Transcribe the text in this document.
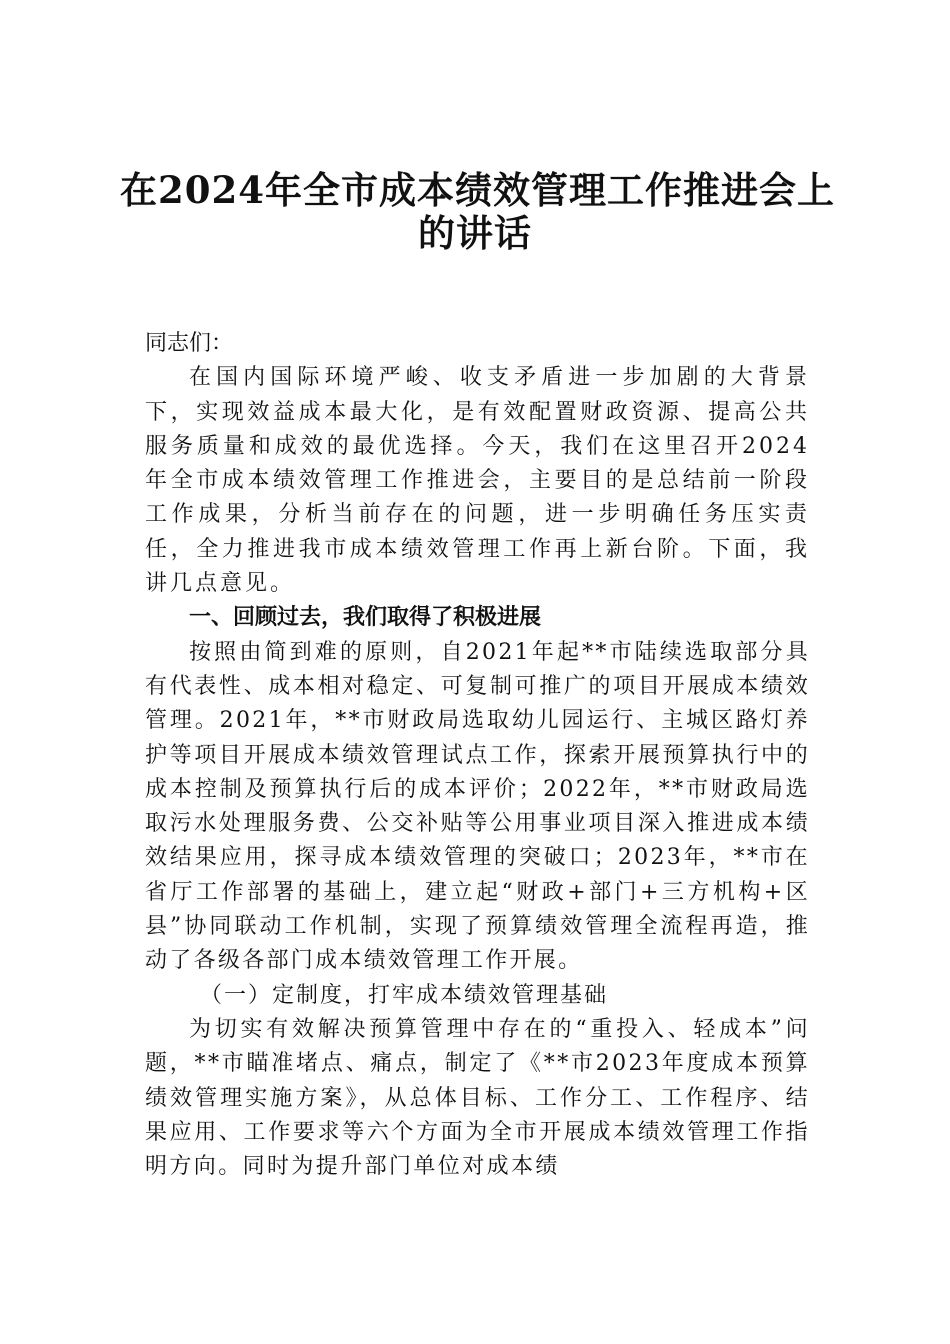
在2024年全市成本绩效管理工作推进会上
的讲话

同志们：

在国内国际环境严峻、收支矛盾进一步加剧的大背景下，实现效益成本最大化，是有效配置财政资源、提高公共服务质量和成效的最优选择。今天，我们在这里召开2024年全市成本绩效管理工作推进会，主要目的是总结前一阶段工作成果，分析当前存在的问题，进一步明确任务压实责任，全力推进我市成本绩效管理工作再上新台阶。下面，我讲几点意见。

一、回顾过去，我们取得了积极进展

按照由简到难的原则，自2021年起**市陆续选取部分具有代表性、成本相对稳定、可复制可推广的项目开展成本绩效管理。2021年，**市财政局选取幼儿园运行、主城区路灯养护等项目开展成本绩效管理试点工作，探索开展预算执行中的成本控制及预算执行后的成本评价；2022年，**市财政局选取污水处理服务费、公交补贴等公用事业项目深入推进成本绩效结果应用，探寻成本绩效管理的突破口；2023年，**市在省厅工作部署的基础上，建立起“财政+部门+三方机构+区县”协同联动工作机制，实现了预算绩效管理全流程再造，推动了各级各部门成本绩效管理工作开展。

（一）定制度，打牢成本绩效管理基础

为切实有效解决预算管理中存在的“重投入、轻成本”问题，**市瞄准堵点、痛点，制定了《**市2023年度成本预算绩效管理实施方案》，从总体目标、工作分工、工作程序、结果应用、工作要求等六个方面为全市开展成本绩效管理工作指明方向。同时为提升部门单位对成本绩
